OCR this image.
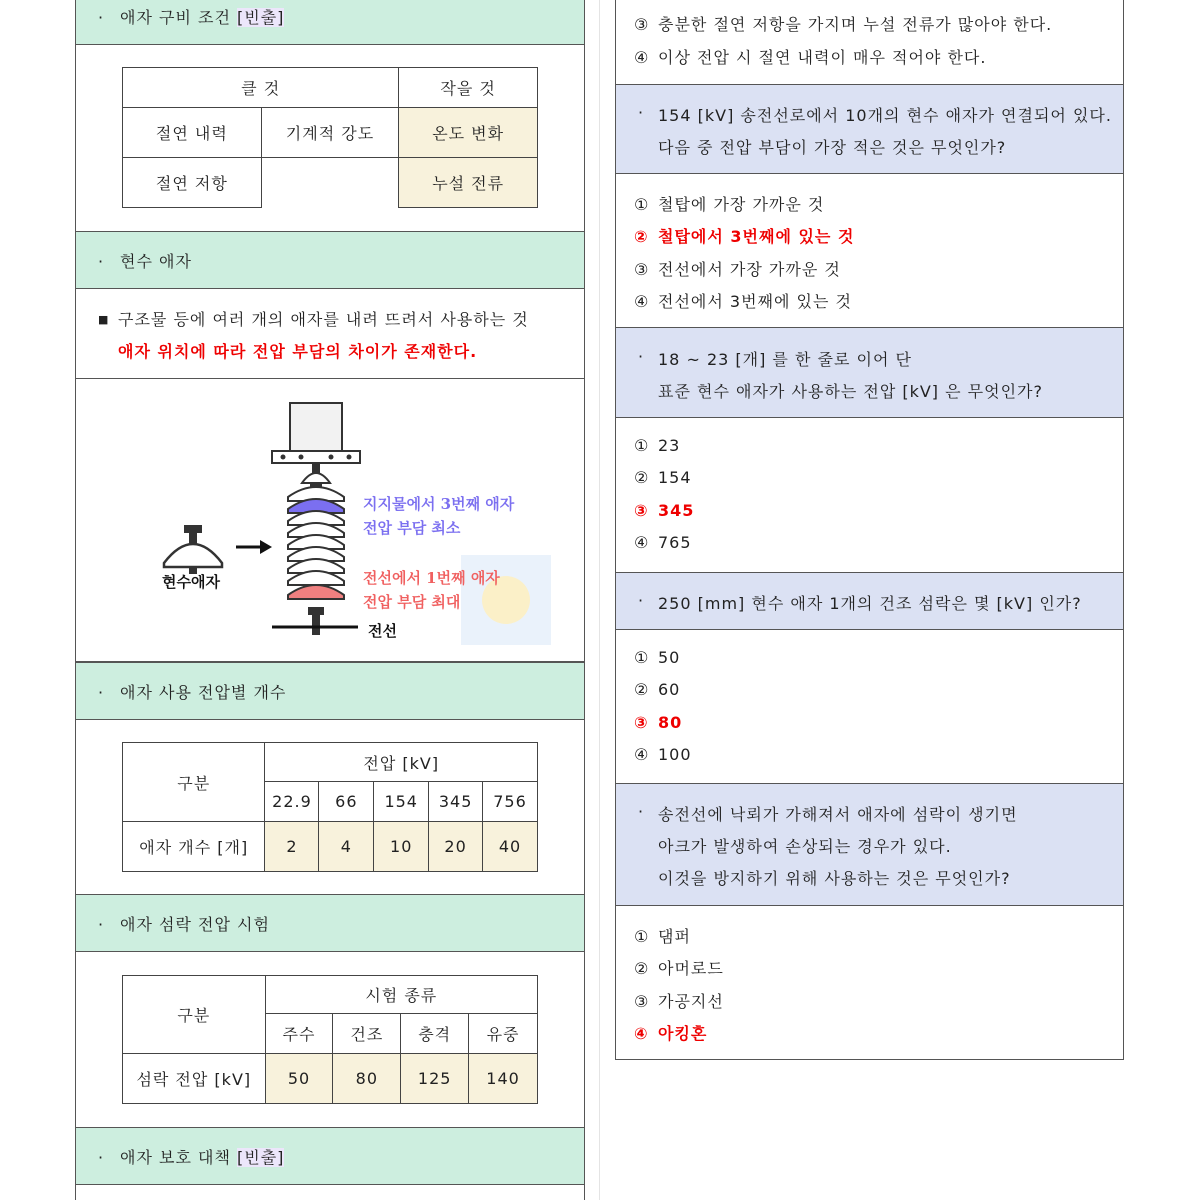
· 애자 구비 조건 [빈출]
클 것		작을 것
절연 내력	기계적 강도	온도 변화
절연 저항		누설 전류
· 현수 애자
■ 구조물 등에 여러 개의 애자를 내려 뜨려서 사용하는 것
애자 위치에 따라 전압 부담의 차이가 존재한다.
현수애자
지지물에서 3번째 애자
전압 부담 최소
전선에서 1번째 애자
전압 부담 최대
전선
· 애자 사용 전압별 개수
구분	전압 [kV]				
	22.9	66	154	345	756
애자 개수 [개]	2	4	10	20	40
· 애자 섬락 전압 시험
구분	시험 종류			
	주수	건조	충격	유중
섬락 전압 [kV]	50	80	125	140
· 애자 보호 대책 [빈출]
③ 충분한 절연 저항을 가지며 누설 전류가 많아야 한다.
④ 이상 전압 시 절연 내력이 매우 적어야 한다.
· 154 [kV] 송전선로에서 10개의 현수 애자가 연결되어 있다.
다음 중 전압 부담이 가장 적은 것은 무엇인가?
① 철탑에 가장 가까운 것
② 철탑에서 3번째에 있는 것
③ 전선에서 가장 가까운 것
④ 전선에서 3번째에 있는 것
· 18 ~ 23 [개] 를 한 줄로 이어 단
표준 현수 애자가 사용하는 전압 [kV] 은 무엇인가?
① 23
② 154
③ 345
④ 765
· 250 [mm] 현수 애자 1개의 건조 섬락은 몇 [kV] 인가?
① 50
② 60
③ 80
④ 100
· 송전선에 낙뢰가 가해져서 애자에 섬락이 생기면
아크가 발생하여 손상되는 경우가 있다.
이것을 방지하기 위해 사용하는 것은 무엇인가?
① 댐퍼
② 아머로드
③ 가공지선
④ 아킹혼
